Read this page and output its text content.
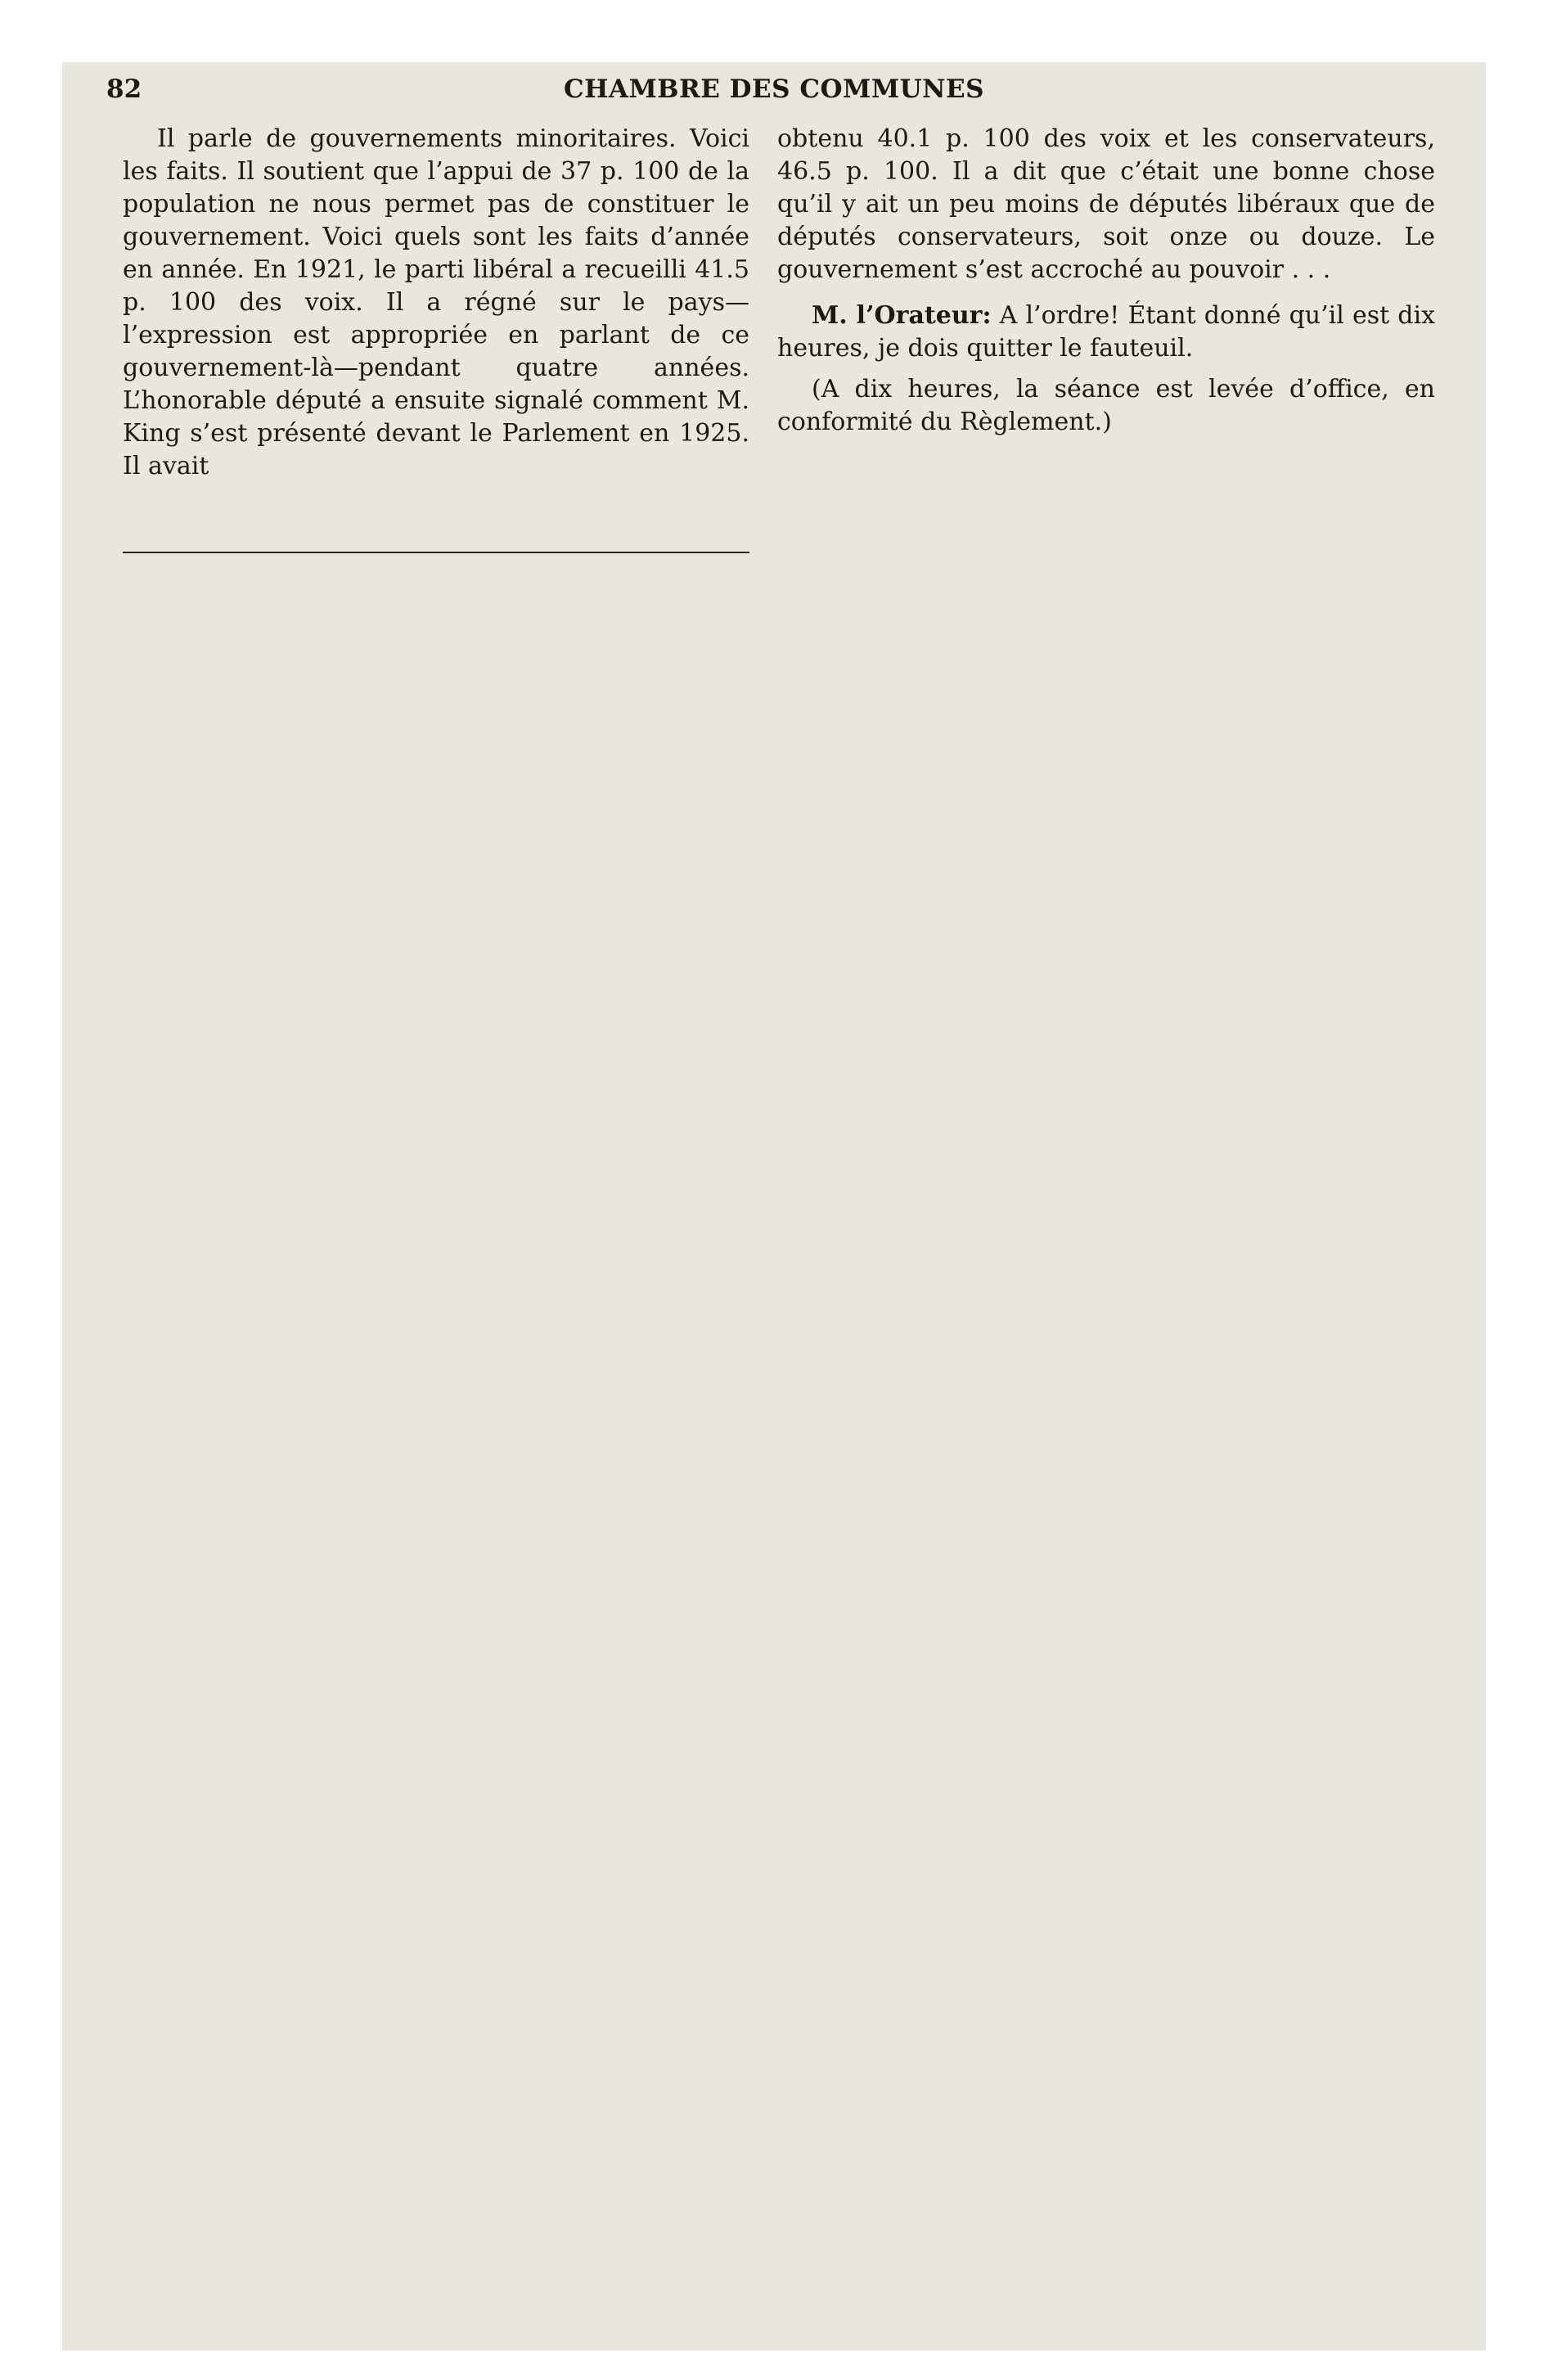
82	CHAMBRE DES COMMUNES

Il parle de gouvernements minoritaires. Voici les faits. Il soutient que l’appui de 37 p. 100 de la population ne nous permet pas de constituer le gouvernement. Voici quels sont les faits d’année en année. En 1921, le parti libéral a recueilli 41.5 p. 100 des voix. Il a régné sur le pays—l’expression est appropriée en parlant de ce gouvernement-là—pendant quatre années. L’honorable député a ensuite signalé comment M. King s’est présenté devant le Parlement en 1925. Il avait

obtenu 40.1 p. 100 des voix et les conservateurs, 46.5 p. 100. Il a dit que c’était une bonne chose qu’il y ait un peu moins de députés libéraux que de députés conservateurs, soit onze ou douze. Le gouvernement s’est accroché au pouvoir . . .

M. l’Orateur: A l’ordre! Étant donné qu’il est dix heures, je dois quitter le fauteuil.

(A dix heures, la séance est levée d’office, en conformité du Règlement.)
